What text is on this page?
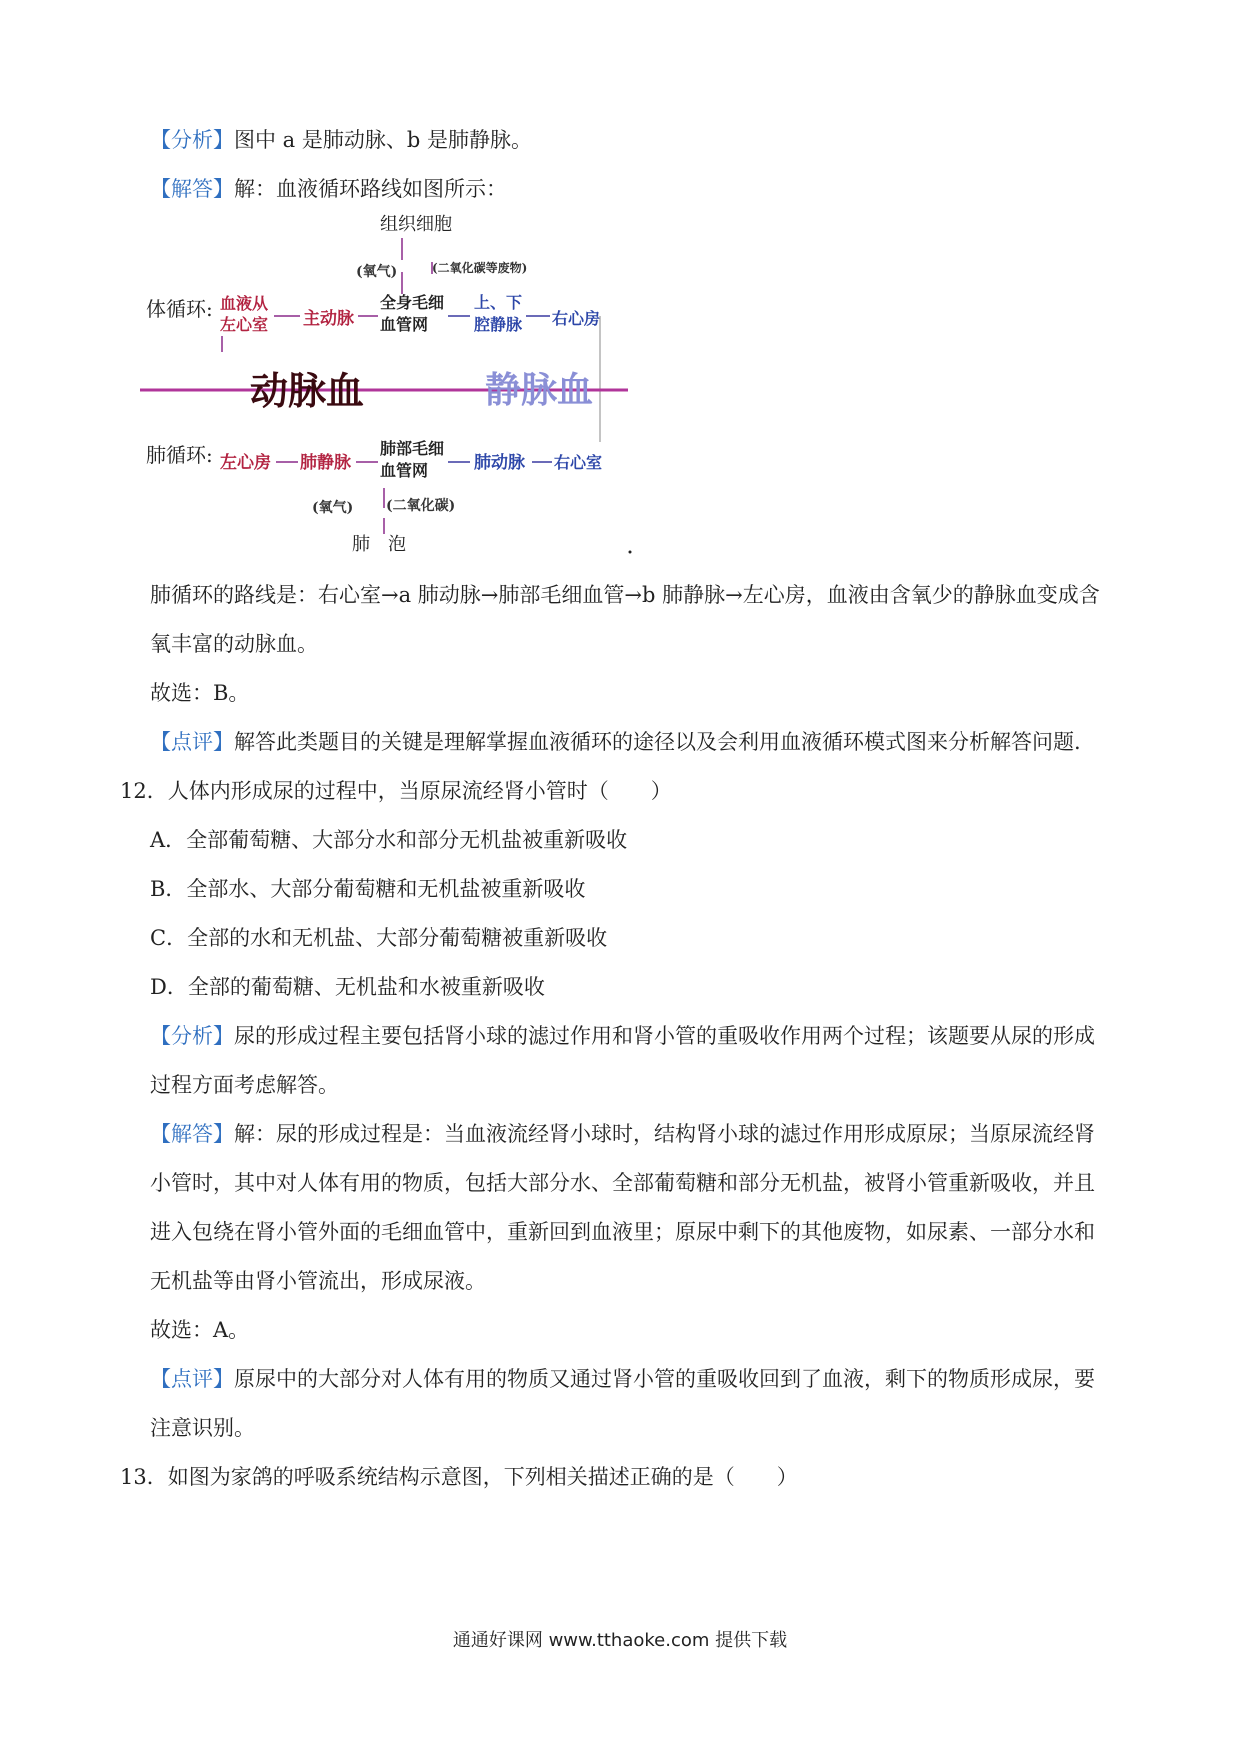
【分析】图中 a 是肺动脉、b 是肺静脉。
【解答】解：血液循环路线如图所示：
组织细胞
(氧气)	(二氧化碳等废物)
体循环: 血液从
左心室 主动脉
全身毛细
血管网
上、下
腔静脉 右心房
动脉血	静脉血
肺循环: 左心房 肺静脉
肺部毛细
血管网	肺动脉 右心室
(氧气) (二氧化碳)
肺　泡
肺循环的路线是：右心室→a 肺动脉→肺部毛细血管→b 肺静脉→左心房，血液由含氧少的静脉血变成含
氧丰富的动脉血。
故选：B。
【点评】解答此类题目的关键是理解掌握血液循环的途径以及会利用血液循环模式图来分析解答问题.
12．人体内形成尿的过程中，当原尿流经肾小管时（　　）
A．全部葡萄糖、大部分水和部分无机盐被重新吸收
B．全部水、大部分葡萄糖和无机盐被重新吸收
C．全部的水和无机盐、大部分葡萄糖被重新吸收
D．全部的葡萄糖、无机盐和水被重新吸收
【分析】尿的形成过程主要包括肾小球的滤过作用和肾小管的重吸收作用两个过程；该题要从尿的形成
过程方面考虑解答。
【解答】解：尿的形成过程是：当血液流经肾小球时，结构肾小球的滤过作用形成原尿；当原尿流经肾
小管时，其中对人体有用的物质，包括大部分水、全部葡萄糖和部分无机盐，被肾小管重新吸收，并且
进入包绕在肾小管外面的毛细血管中，重新回到血液里；原尿中剩下的其他废物，如尿素、一部分水和
无机盐等由肾小管流出，形成尿液。
故选：A。
【点评】原尿中的大部分对人体有用的物质又通过肾小管的重吸收回到了血液，剩下的物质形成尿，要
注意识别。
13．如图为家鸽的呼吸系统结构示意图，下列相关描述正确的是（　　）
通通好课网 www.tthaoke.com 提供下载
